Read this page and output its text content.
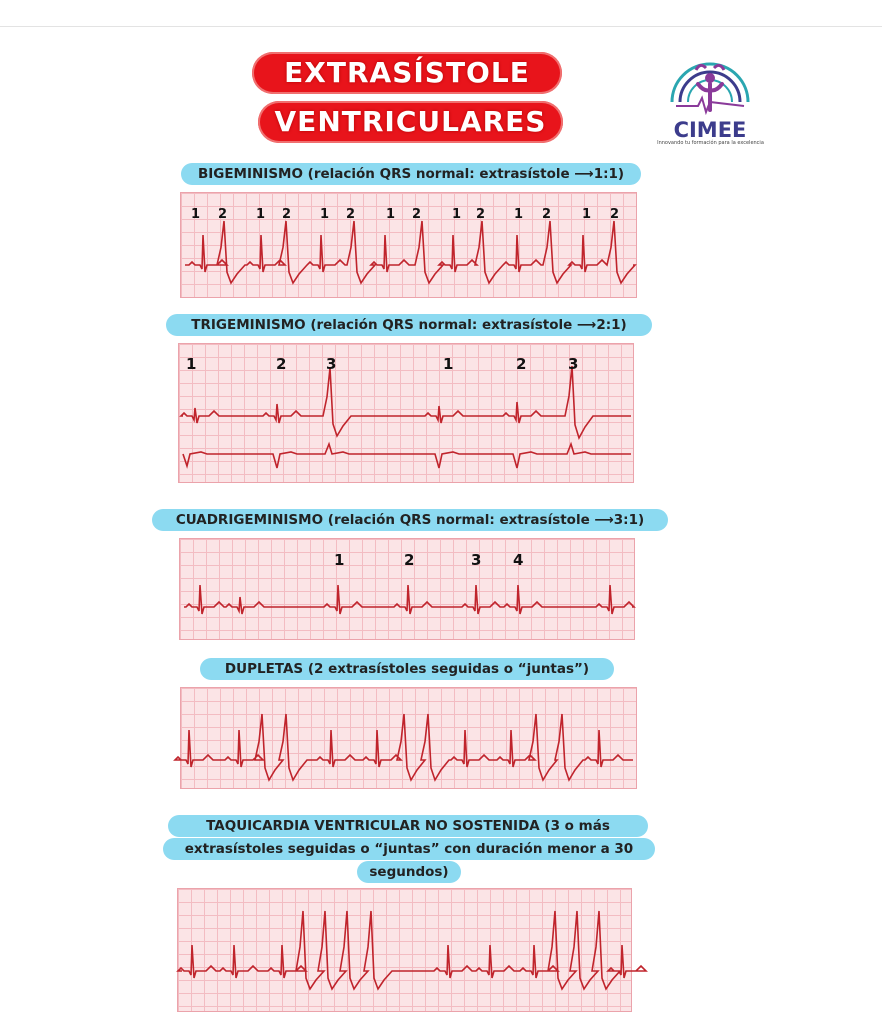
EXTRASÍSTOLE
VENTRICULARES	CIMEE
Innovando tu formación para la excelencia
BIGEMINISMO (relación QRS normal: extrasístole ⟶1:1)
TRIGEMINISMO (relación QRS normal: extrasístole ⟶2:1)
CUADRIGEMINISMO (relación QRS normal: extrasístole ⟶3:1)
DUPLETAS (2 extrasístoles seguidas o “juntas”)
TAQUICARDIA VENTRICULAR NO SOSTENIDA (3 o más
extrasístoles seguidas o “juntas” con duración menor a 30
segundos)
1 2 1 2 1 2 1 2 1 2 1 2 1 2
1	2	3	1	2	3
1	2	3 4
